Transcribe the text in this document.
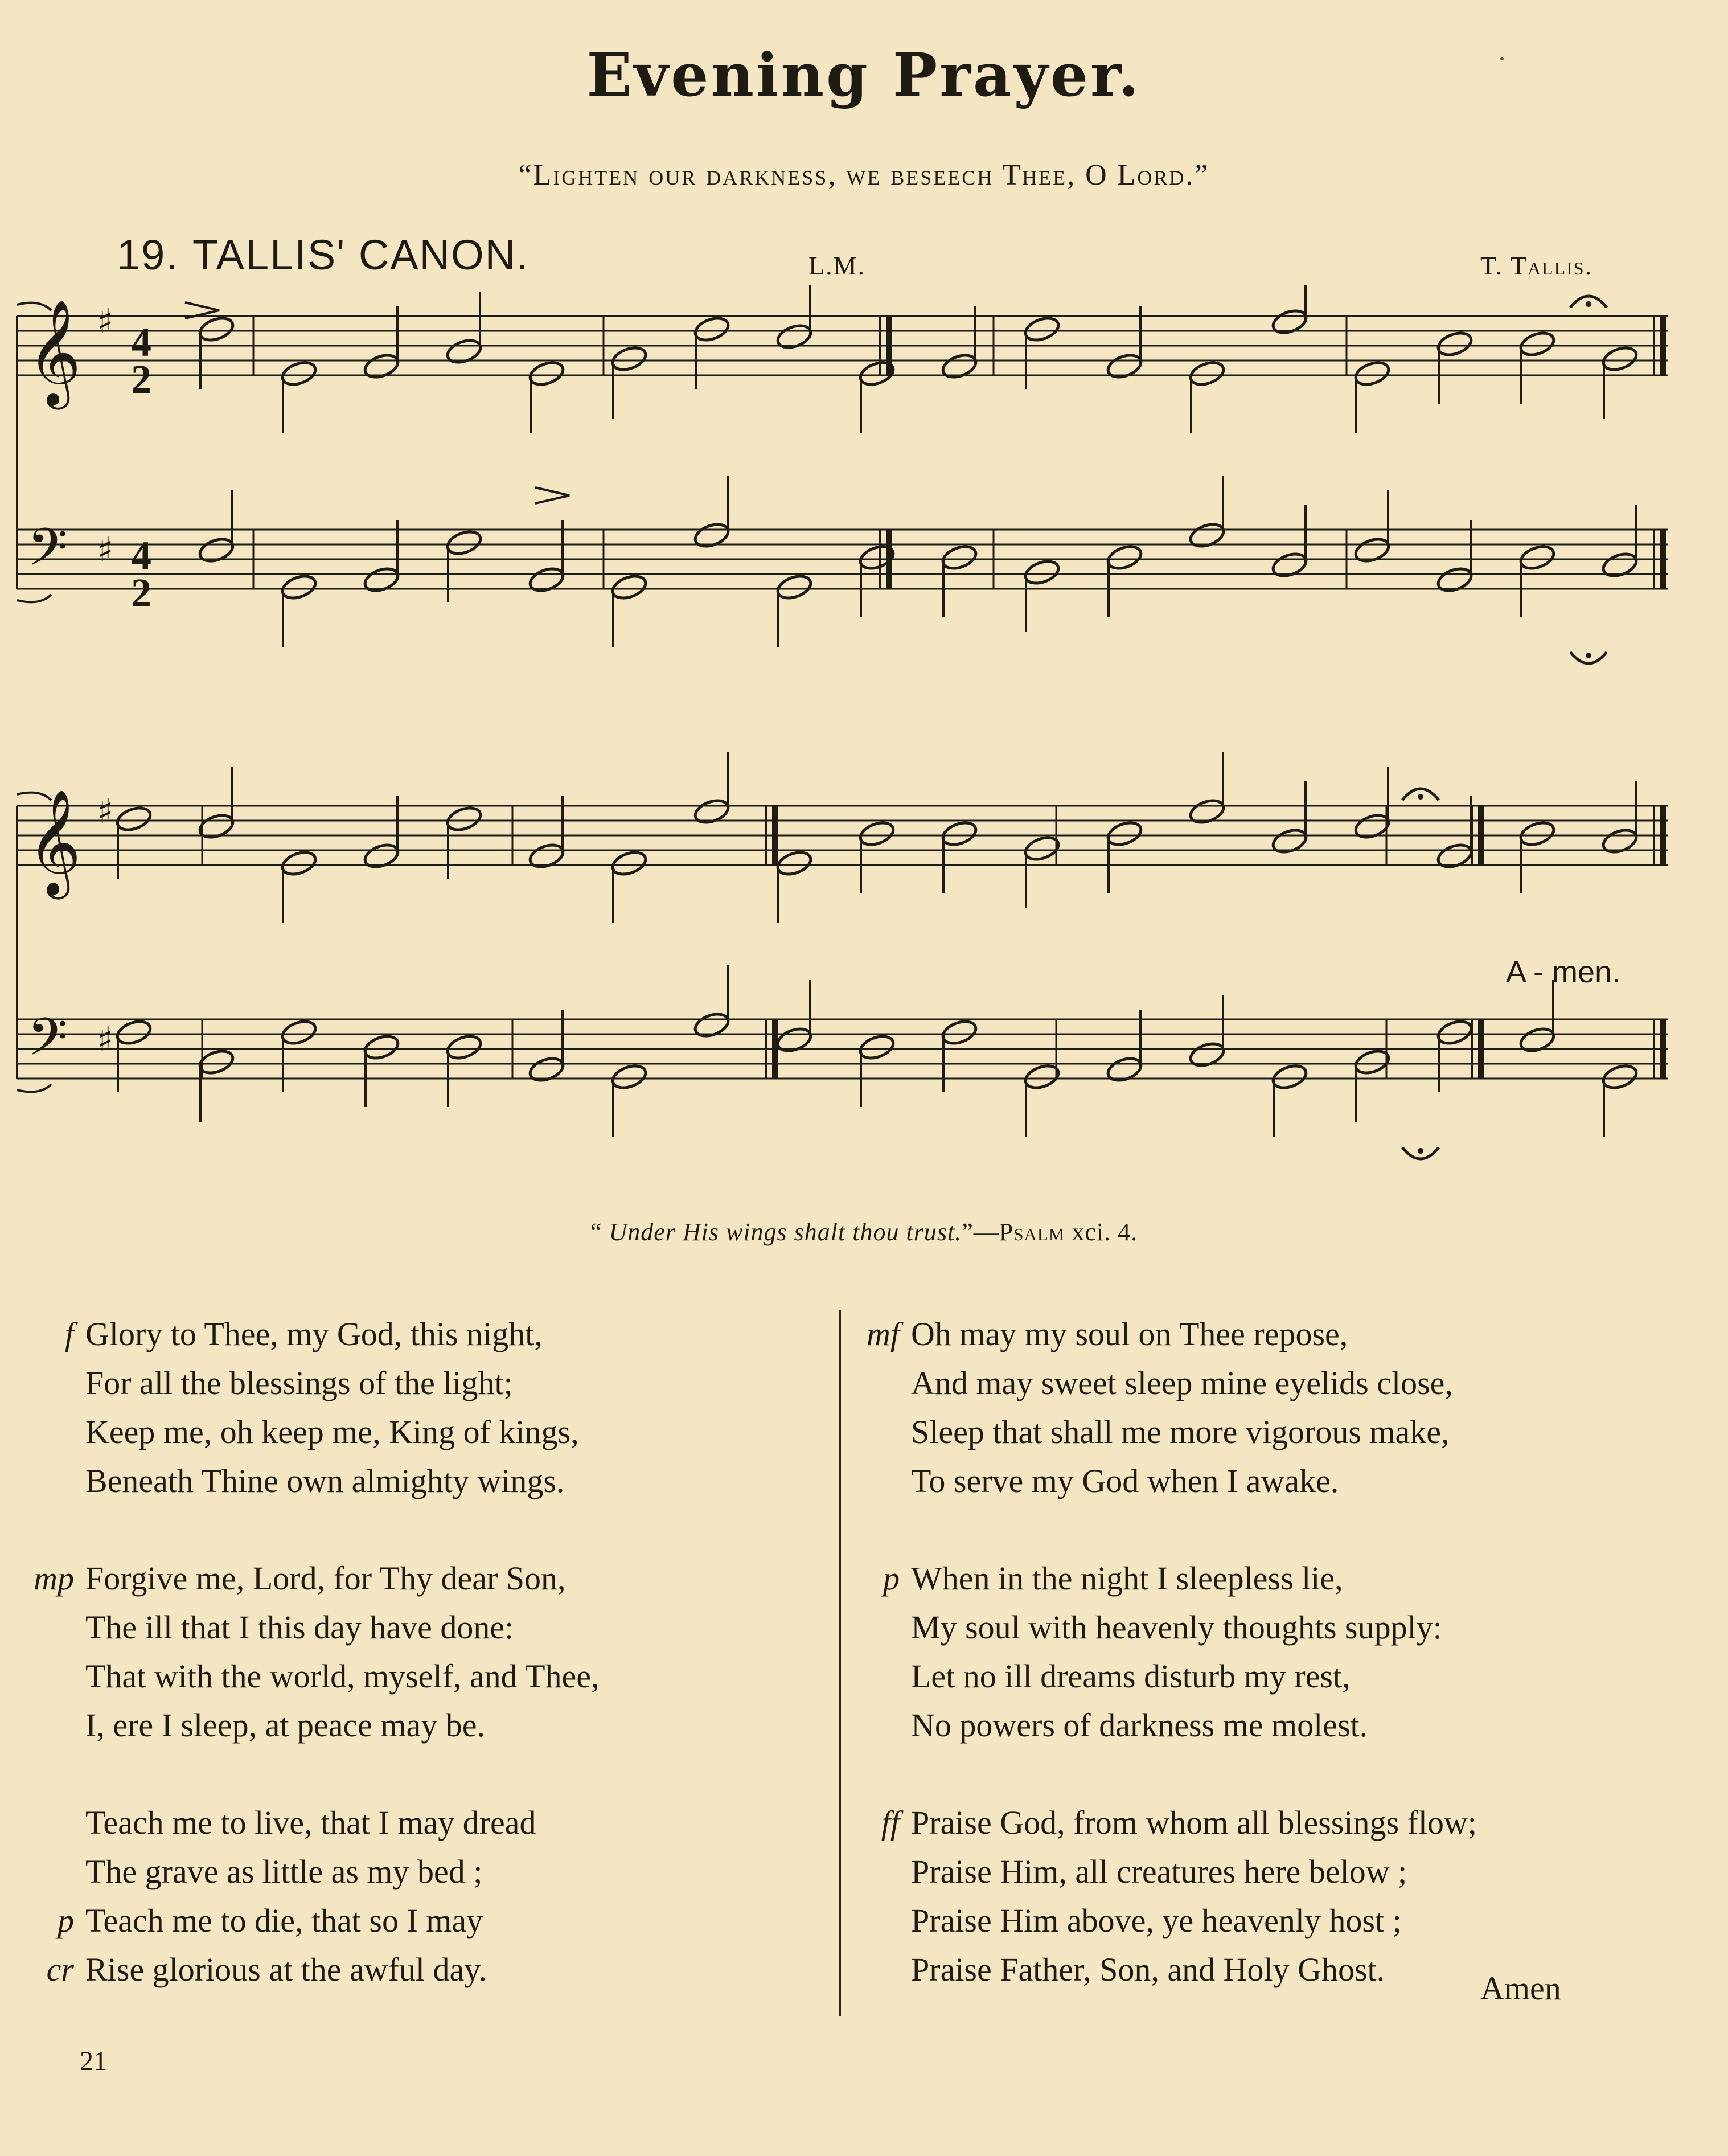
Evening Prayer.
“Lighten our darkness, we beseech Thee, O Lord.”
19. TALLIS' CANON.	L.M.	T. Tallis.
𝄞 ♯
𝄢 ♯
𝄞 ♯
𝄢 ♯
4
2
4
2
A - men.
“ Under His wings shalt thou trust.”—Psalm xci. 4.
f Glory to Thee, my God, this night,
For all the blessings of the light;
Keep me, oh keep me, King of kings,
Beneath Thine own almighty wings.
mp Forgive me, Lord, for Thy dear Son,
The ill that I this day have done:
That with the world, myself, and Thee,
I, ere I sleep, at peace may be.
Teach me to live, that I may dread
The grave as little as my bed ;
p Teach me to die, that so I may
cr Rise glorious at the awful day.
mf Oh may my soul on Thee repose,
And may sweet sleep mine eyelids close,
Sleep that shall me more vigorous make,
To serve my God when I awake.
p When in the night I sleepless lie,
My soul with heavenly thoughts supply:
Let no ill dreams disturb my rest,
No powers of darkness me molest.
ff Praise God, from whom all blessings flow;
Praise Him, all creatures here below ;
Praise Him above, ye heavenly host ;
Praise Father, Son, and Holy Ghost.
Amen
21
